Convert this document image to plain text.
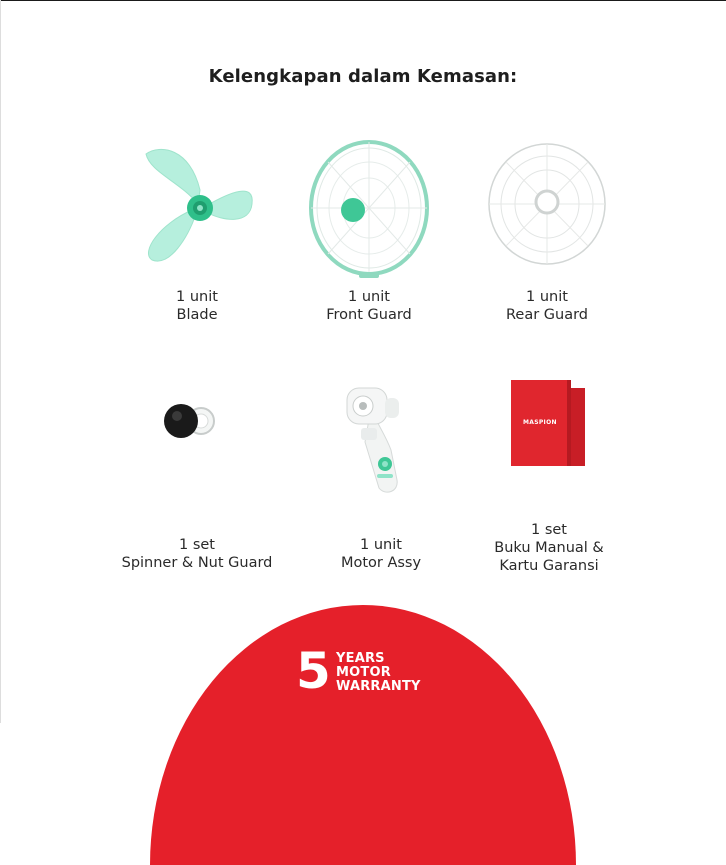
Kelengkapan dalam Kemasan:
1 unit
Blade
1 unit
Front Guard
1 unit
Rear Guard
1 set
Spinner & Nut Guard
1 unit
Motor Assy
MASPION
1 set
Buku Manual &
Kartu Garansi
5 YEARS
MOTOR
WARRANTY
